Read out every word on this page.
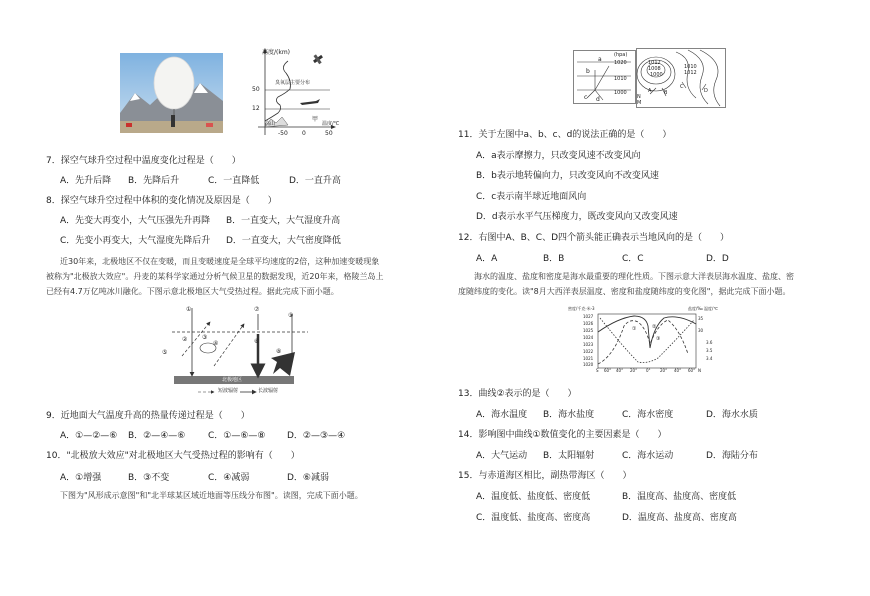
高度/(km)
臭氧层主要分布
50
12
高山
甲
温度/℃
-50 0	50
7．探空气球升空过程中温度变化过程是（　　）
A．先升后降 B．先降后升	C．一直降低	D．一直升高
8．探空气球升空过程中体积的变化情况及原因是（　　）
A．先变大再变小，大气压强先升再降 B．一直变大，大气湿度升高
C．先变小再变大，大气湿度先降后升 D．一直变大，大气密度降低
近30年来，北极地区不仅在变暖，而且变暖速度是全球平均速度的2倍，这种加速变暖现象
被称为"北极放大效应"。丹麦的某科学家通过分析气候卫星的数据发现，近20年来，格陵兰岛上
已经有4.7万亿吨冰川融化。下图示意北极地区大气受热过程。据此完成下面小题。
①
⑤
② ③
④
⑦
⑥
⑨
⑧
北极地区
短波辐射	长波辐射
9．近地面大气温度升高的热量传递过程是（　　）
A．①—②—⑥ B．②—④—⑥	C．①—⑥—⑧ D．②—③—④
10．"北极放大效应"对北极地区大气受热过程的影响有（　　）
A．①增强	B．③不变	C．④减弱	D．⑥减弱
下图为"风形成示意图"和"北半球某区域近地面等压线分布图"。读图，完成下面小题。
a
b
c d
(hpa)
1020
1010
1000
1012
1008
1000
1010
1012
A	B
C
D
N
M
11．关于左图中a、b、c、d的说法正确的是（　　）
A．a表示摩擦力，只改变风速不改变风向
B．b表示地转偏向力，只改变风向不改变风速
C．c表示南半球近地面风向
D．d表示水平气压梯度力，既改变风向又改变风速
12．右图中A、B、C、D四个箭头能正确表示当地风向的是（　　）
A．A	B．B	C．C	D．D
海水的温度、盐度和密度是海水最重要的理化性质。下图示意大洋表层海水温度、盐度、密
度随纬度的变化。读"8月大西洋表层温度、密度和盐度随纬度的变化图"，据此完成下面小题。
密度/千克·米-3	盐度/‰ 温度/℃
1027
1026
1025
1024
1023
1022
1021
1020
35
30
3.6
3.5
3.4
S 60° 40° 20° 0° 20° 40° 60° N
①	②
③
13．曲线②表示的是（　　）
A．海水温度 B．海水盐度	C．海水密度	D．海水水质
14．影响图中曲线①数值变化的主要因素是（　　）
A．大气运动 B．太阳辐射	C．海水运动	D．海陆分布
15．与赤道海区相比，副热带海区（　　）
A．温度低、盐度低、密度低	B．温度高、盐度高、密度低
C．温度低、盐度高、密度高	D．温度高、盐度高、密度高
